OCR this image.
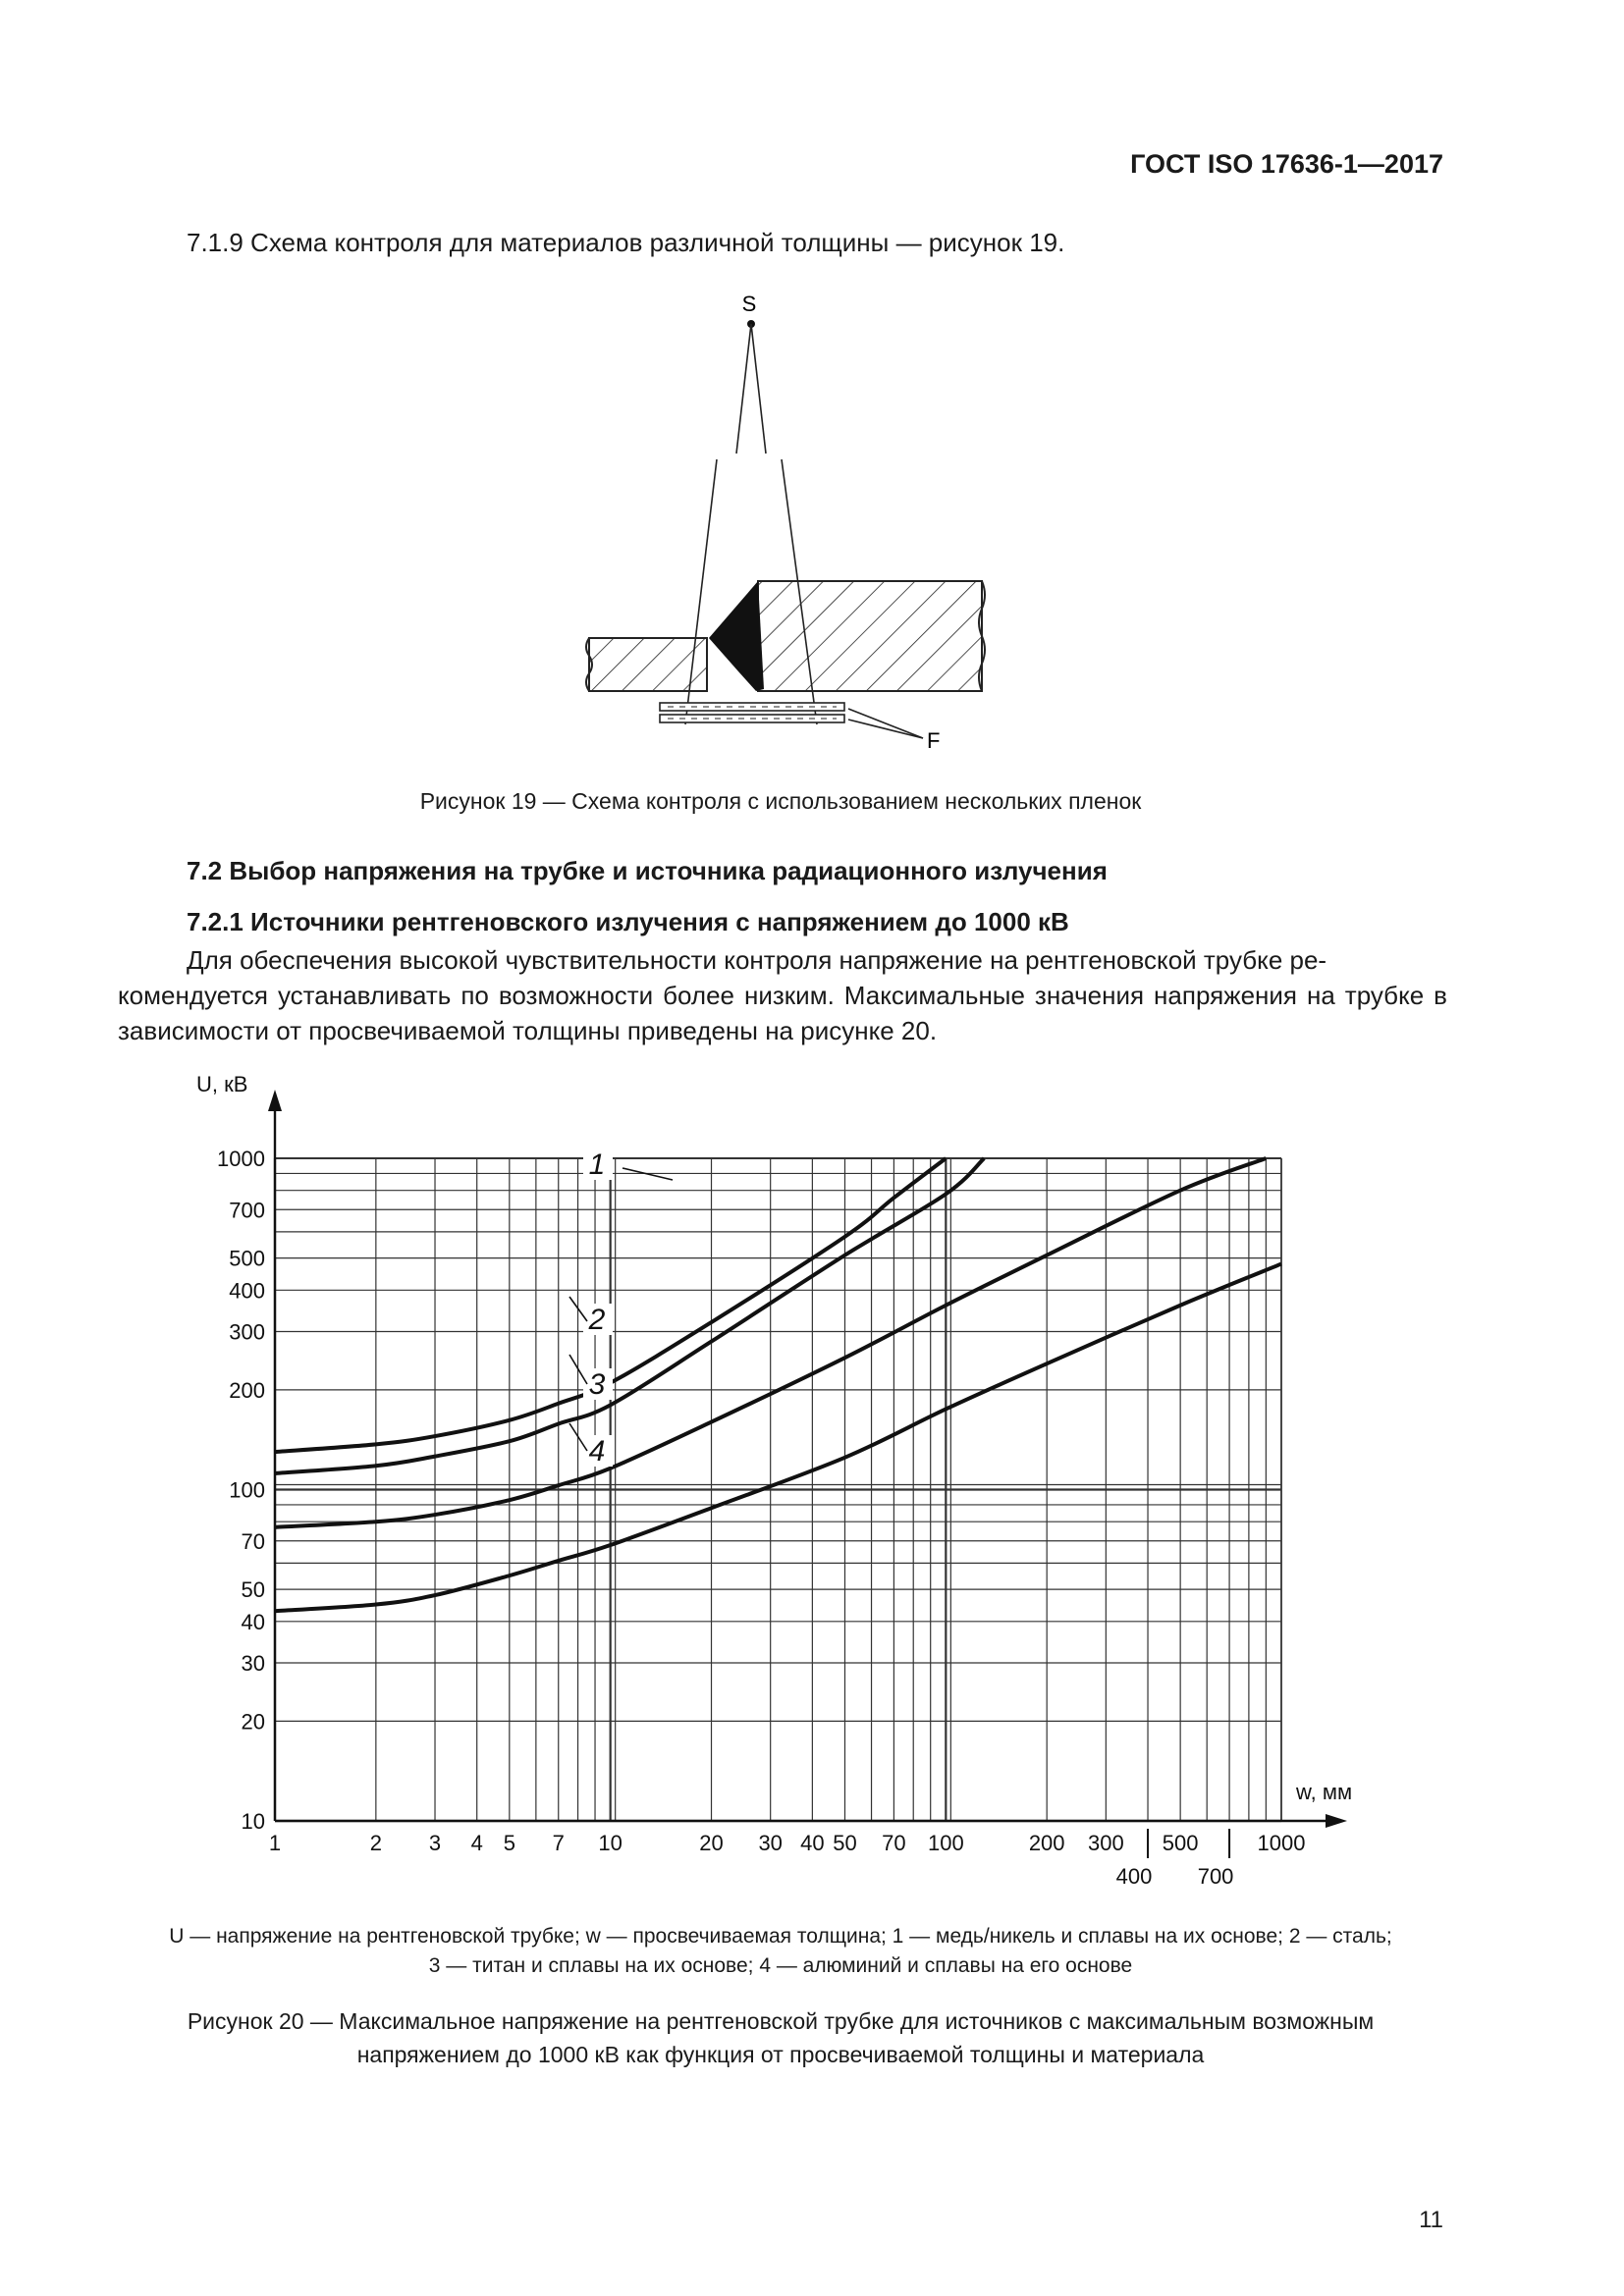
ГОСТ ISO 17636-1—2017
7.1.9 Схема контроля для материалов различной толщины — рисунок 19.
S
F
Рисунок 19 — Схема контроля с использованием нескольких пленок
7.2 Выбор напряжения на трубке и источника радиационного излучения
7.2.1 Источники рентгеновского излучения с напряжением до 1000 кВ
Для обеспечения высокой чувствительности контроля напряжение на рентгеновской трубке ре-
комендуется устанавливать по возможности более низким. Максимальные значения напряжения на трубке в зависимости от просвечиваемой толщины приведены на рисунке 20.
10
20
30
40
50
70
100
200
300
400
500
700
1000
1	2 3 4 5 7 10	20 30 40 50 70 100	200 300 500	1000
400 700
U, кВ
w, мм
1
2
3
4
U — напряжение на рентгеновской трубке; w — просвечиваемая толщина; 1 — медь/никель и сплавы на их основе; 2 — сталь;
3 — титан и сплавы на их основе; 4 — алюминий и сплавы на его основе
Рисунок 20 — Максимальное напряжение на рентгеновской трубке для источников с максимальным возможным
напряжением до 1000 кВ как функция от просвечиваемой толщины и материала
11
